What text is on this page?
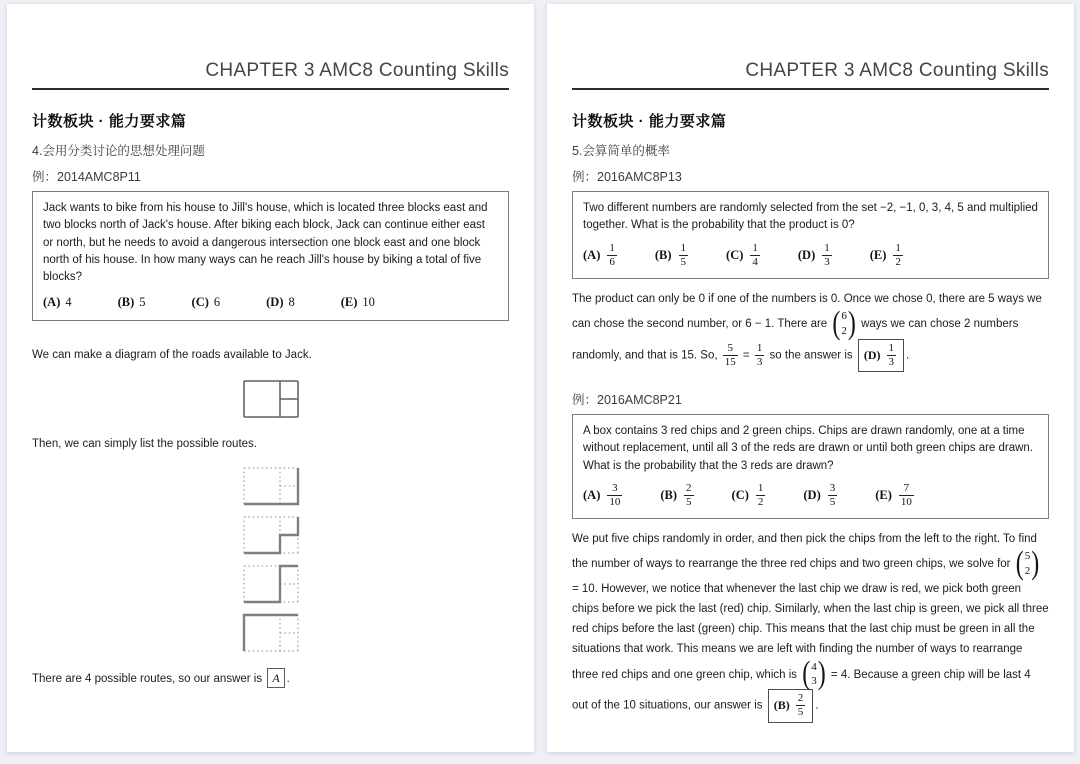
CHAPTER 3 AMC8 Counting Skills
计数板块 · 能力要求篇
4.会用分类讨论的思想处理问题
例：2014AMC8P11
Jack wants to bike from his house to Jill's house, which is located three blocks east and two blocks north of Jack's house. After biking each block, Jack can continue either east or north, but he needs to avoid a dangerous intersection one block east and one block north of his house. In how many ways can he reach Jill's house by biking a total of five blocks?
(A) 4	(B) 5	(C) 6	(D) 8	(E) 10

We can make a diagram of the roads available to Jack.

Then, we can simply list the possible routes.

There are 4 possible routes, so our answer is A .

CHAPTER 3 AMC8 Counting Skills
计数板块 · 能力要求篇
5.会算简单的概率
例：2016AMC8P13
Two different numbers are randomly selected from the set −2, −1, 0, 3, 4, 5 and multiplied together. What is the probability that the product is 0?
$(A) \frac{1}{6}$	$(B) \frac{1}{5}$	$(C) \frac{1}{4}$	$(D) \frac{1}{3}$	$(E) \frac{1}{2}$

The product can only be 0 if one of the numbers is 0. Once we chose 0, there are 5 ways we can chose the second number, or 6 − 1. There are ( 6
2 ) ways we can chose 2 numbers randomly, and that is 15. So, $\frac{5}{15} = \frac{1}{3}$ so the answer is $(D) \frac{1}{3}$ .

例：2016AMC8P21
A box contains 3 red chips and 2 green chips. Chips are drawn randomly, one at a time without replacement, until all 3 of the reds are drawn or until both green chips are drawn. What is the probability that the 3 reds are drawn?
$(A) \frac{3}{10}$	$(B) \frac{2}{5}$	$(C) \frac{1}{2}$	$(D) \frac{3}{5}$	$(E) \frac{7}{10}$

We put five chips randomly in order, and then pick the chips from the left to the right. To find the number of ways to rearrange the three red chips and two green chips, we solve for ( 5
2 )
= 10. However, we notice that whenever the last chip we draw is red, we pick both green chips before we pick the last (red) chip. Similarly, when the last chip is green, we pick all three red chips before the last (green) chip. This means that the last chip must be green in all the situations that work. This means we are left with finding the number of ways to rearrange three red chips and one green chip, which is ( 4
3 ) = 4. Because a green chip will be last 4 out of the 10 situations, our answer is $(B) \frac{2}{5}$ .
